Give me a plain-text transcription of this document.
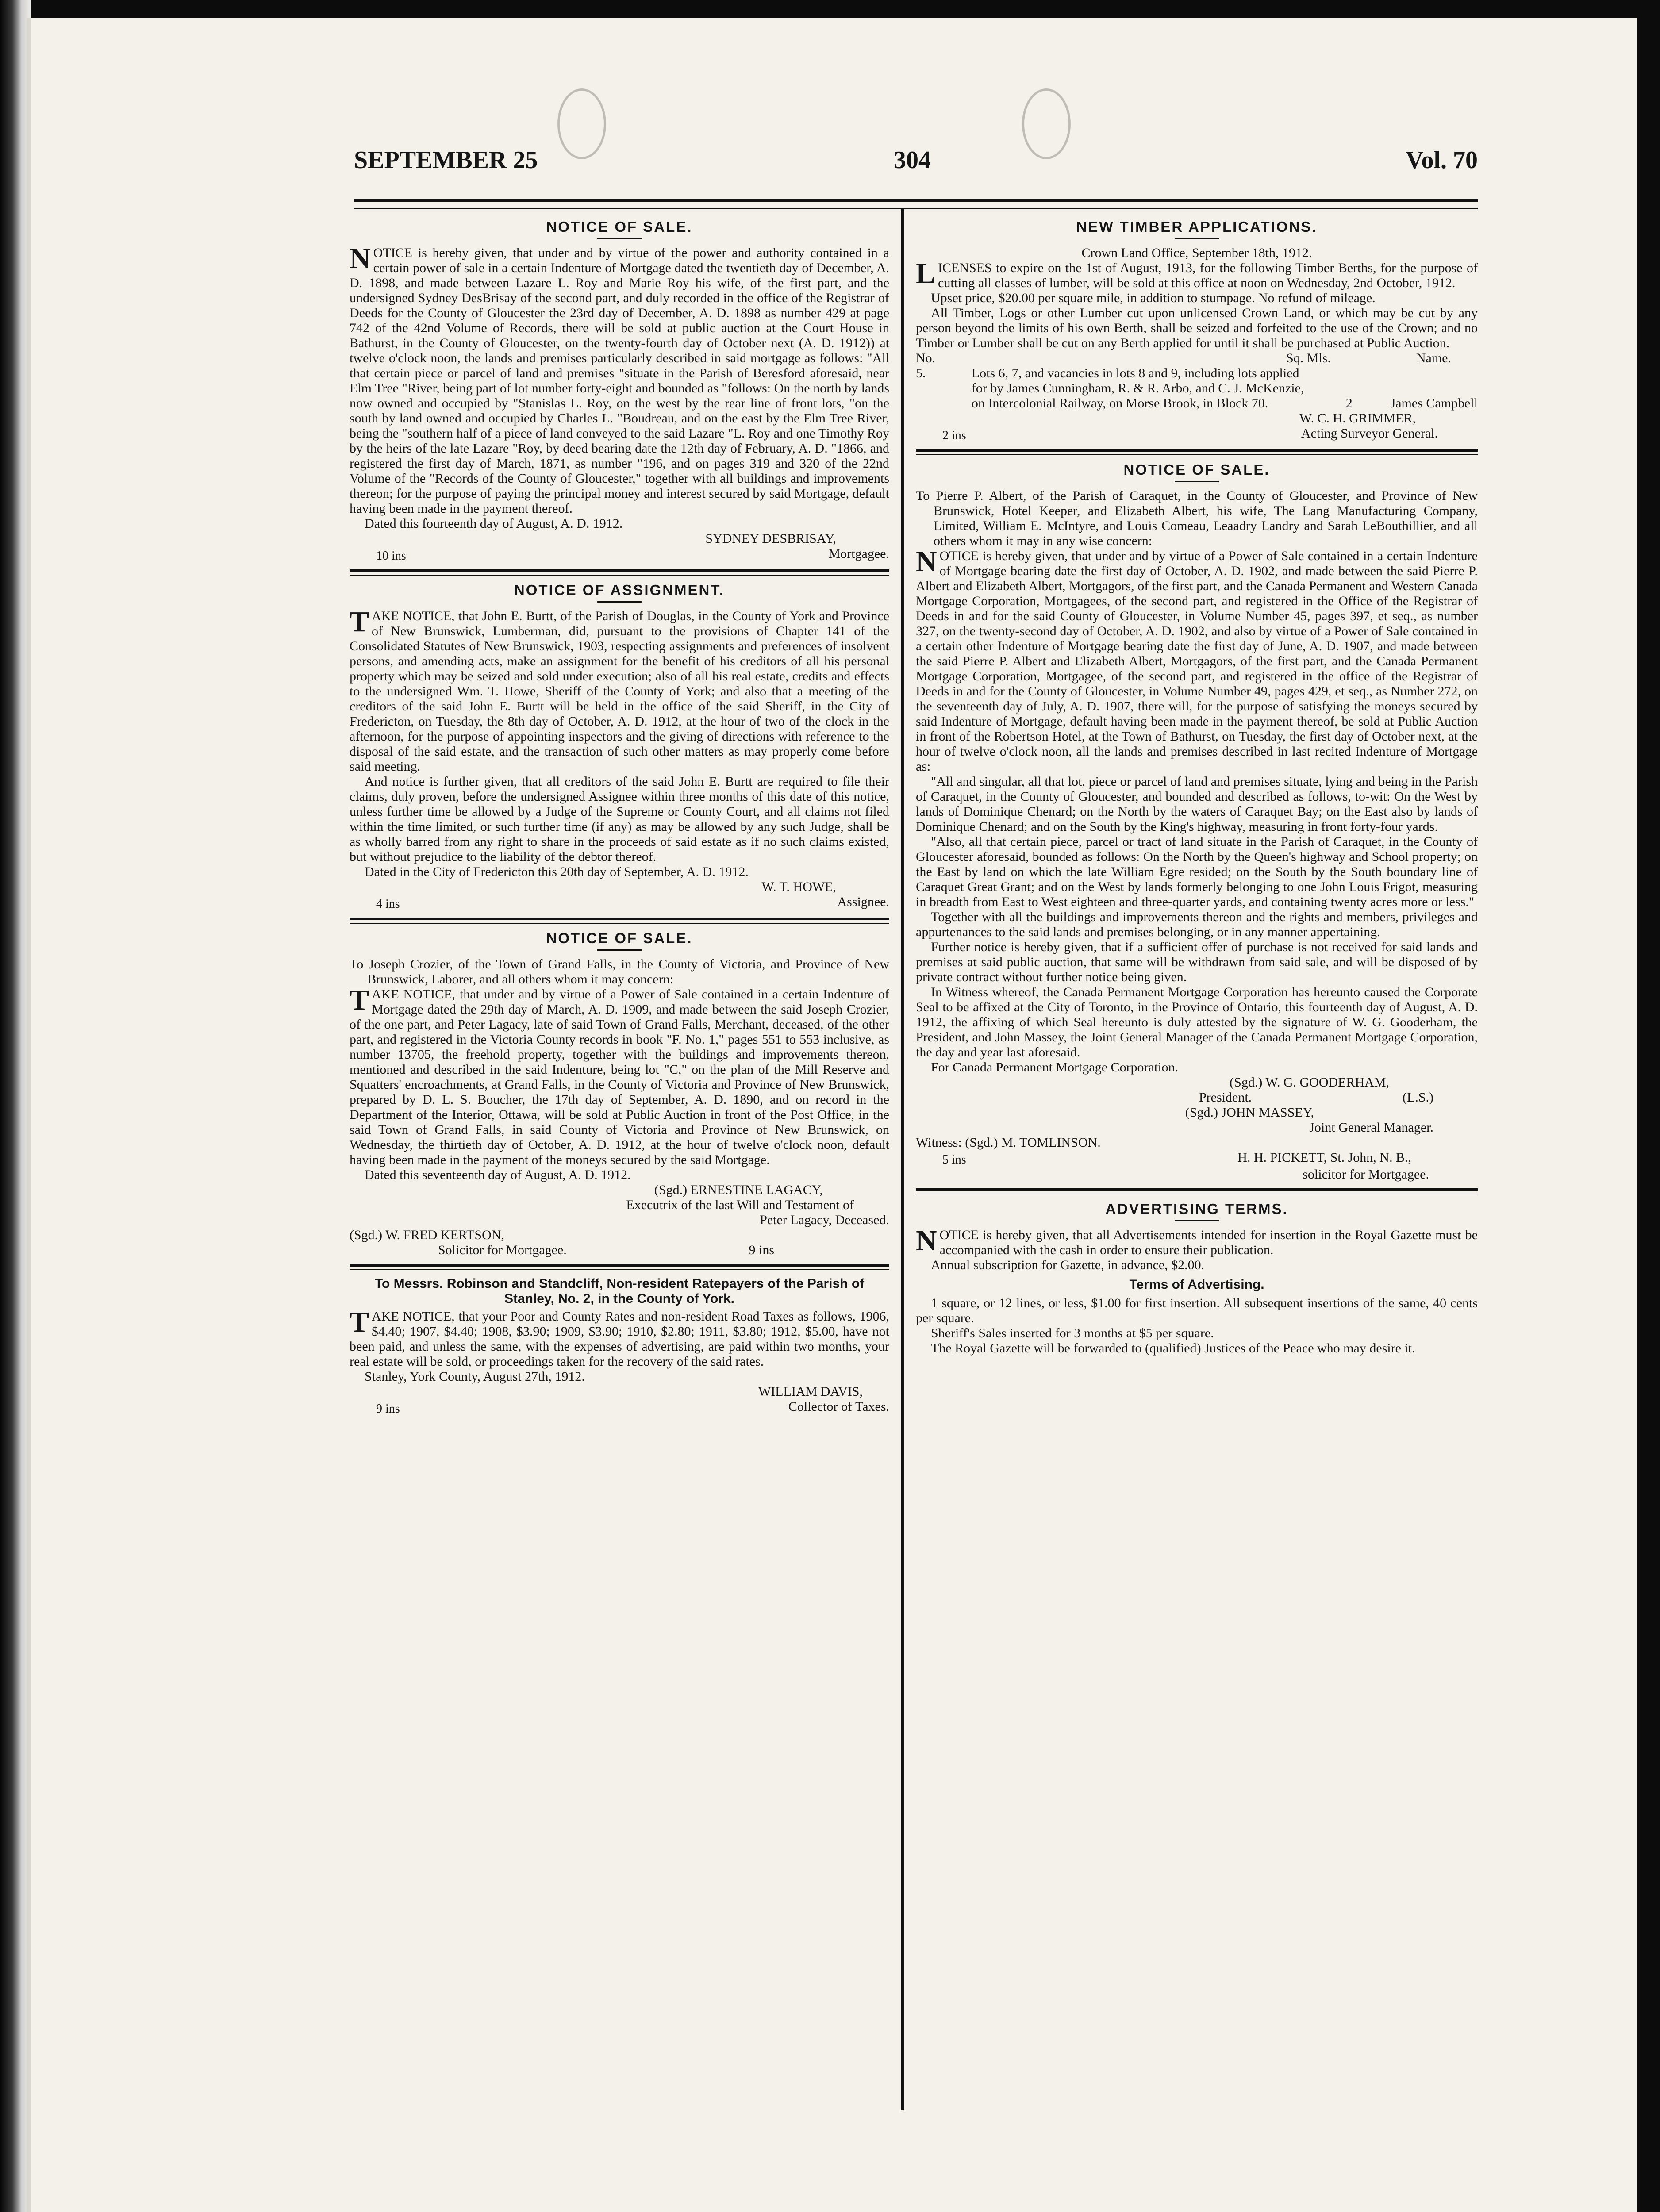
SEPTEMBER 25	304	Vol. 70
NOTICE OF SALE.

NOTICE is hereby given, that under and by virtue of the power and authority contained in a certain power of sale in a certain Indenture of Mortgage dated the twentieth day of December, A. D. 1898, and made between Lazare L. Roy and Marie Roy his wife, of the first part, and the undersigned Sydney DesBrisay of the second part, and duly recorded in the office of the Registrar of Deeds for the County of Gloucester the 23rd day of December, A. D. 1898 as number 429 at page 742 of the 42nd Volume of Records, there will be sold at public auction at the Court House in Bathurst, in the County of Gloucester, on the twenty-fourth day of October next (A. D. 1912)) at twelve o'clock noon, the lands and premises particularly described in said mortgage as follows: "All that certain piece or parcel of land and premises "situate in the Parish of Beresford aforesaid, near Elm Tree "River, being part of lot number forty-eight and bounded as "follows: On the north by lands now owned and occupied by "Stanislas L. Roy, on the west by the rear line of front lots, "on the south by land owned and occupied by Charles L. "Boudreau, and on the east by the Elm Tree River, being the "southern half of a piece of land conveyed to the said Lazare "L. Roy and one Timothy Roy by the heirs of the late Lazare "Roy, by deed bearing date the 12th day of February, A. D. "1866, and registered the first day of March, 1871, as number "196, and on pages 319 and 320 of the 22nd Volume of the "Records of the County of Gloucester," together with all buildings and improvements thereon; for the purpose of paying the principal money and interest secured by said Mortgage, default having been made in the payment thereof.

Dated this fourteenth day of August, A. D. 1912.

SYDNEY DESBRISAY,
10 ins	Mortgagee.
NOTICE OF ASSIGNMENT.

TAKE NOTICE, that John E. Burtt, of the Parish of Douglas, in the County of York and Province of New Brunswick, Lumberman, did, pursuant to the provisions of Chapter 141 of the Consolidated Statutes of New Brunswick, 1903, respecting assignments and preferences of insolvent persons, and amending acts, make an assignment for the benefit of his creditors of all his personal property which may be seized and sold under execution; also of all his real estate, credits and effects to the undersigned Wm. T. Howe, Sheriff of the County of York; and also that a meeting of the creditors of the said John E. Burtt will be held in the office of the said Sheriff, in the City of Fredericton, on Tuesday, the 8th day of October, A. D. 1912, at the hour of two of the clock in the afternoon, for the purpose of appointing inspectors and the giving of directions with reference to the disposal of the said estate, and the transaction of such other matters as may properly come before said meeting.

And notice is further given, that all creditors of the said John E. Burtt are required to file their claims, duly proven, before the undersigned Assignee within three months of this date of this notice, unless further time be allowed by a Judge of the Supreme or County Court, and all claims not filed within the time limited, or such further time (if any) as may be allowed by any such Judge, shall be as wholly barred from any right to share in the proceeds of said estate as if no such claims existed, but without prejudice to the liability of the debtor thereof.

Dated in the City of Fredericton this 20th day of September, A. D. 1912.

W. T. HOWE,
4 ins	Assignee.
NOTICE OF SALE.

To Joseph Crozier, of the Town of Grand Falls, in the County of Victoria, and Province of New Brunswick, Laborer, and all others whom it may concern:

TAKE NOTICE, that under and by virtue of a Power of Sale contained in a certain Indenture of Mortgage dated the 29th day of March, A. D. 1909, and made between the said Joseph Crozier, of the one part, and Peter Lagacy, late of said Town of Grand Falls, Merchant, deceased, of the other part, and registered in the Victoria County records in book "F. No. 1," pages 551 to 553 inclusive, as number 13705, the freehold property, together with the buildings and improvements thereon, mentioned and described in the said Indenture, being lot "C," on the plan of the Mill Reserve and Squatters' encroachments, at Grand Falls, in the County of Victoria and Province of New Brunswick, prepared by D. L. S. Boucher, the 17th day of September, A. D. 1890, and on record in the Department of the Interior, Ottawa, will be sold at Public Auction in front of the Post Office, in the said Town of Grand Falls, in said County of Victoria and Province of New Brunswick, on Wednesday, the thirtieth day of October, A. D. 1912, at the hour of twelve o'clock noon, default having been made in the payment of the moneys secured by the said Mortgage.

Dated this seventeenth day of August, A. D. 1912.

(Sgd.) ERNESTINE LAGACY,
Executrix of the last Will and Testament of
Peter Lagacy, Deceased.
(Sgd.) W. FRED KERTSON,
Solicitor for Mortgagee.	9 ins
To Messrs. Robinson and Standcliff, Non-resident Ratepayers of the Parish of Stanley, No. 2, in the County of York.

TAKE NOTICE, that your Poor and County Rates and non-resident Road Taxes as follows, 1906, $4.40; 1907, $4.40; 1908, $3.90; 1909, $3.90; 1910, $2.80; 1911, $3.80; 1912, $5.00, have not been paid, and unless the same, with the expenses of advertising, are paid within two months, your real estate will be sold, or proceedings taken for the recovery of the said rates.

Stanley, York County, August 27th, 1912.

WILLIAM DAVIS,
9 ins	Collector of Taxes.
NEW TIMBER APPLICATIONS.
Crown Land Office, September 18th, 1912.

LICENSES to expire on the 1st of August, 1913, for the following Timber Berths, for the purpose of cutting all classes of lumber, will be sold at this office at noon on Wednesday, 2nd October, 1912.

Upset price, $20.00 per square mile, in addition to stumpage. No refund of mileage.

All Timber, Logs or other Lumber cut upon unlicensed Crown Land, or which may be cut by any person beyond the limits of his own Berth, shall be seized and forfeited to the use of the Crown; and no Timber or Lumber shall be cut on any Berth applied for until it shall be purchased at Public Auction.

No.	Sq. Mls.	Name.
5.	Lots 6, 7, and vacancies in lots 8 and 9, including lots applied for by James Cunningham, R. & R. Arbo, and C. J. McKenzie, on Intercolonial Railway, on Morse Brook, in Block 70.	2	James Campbell
W. C. H. GRIMMER,
2 ins	Acting Surveyor General.
NOTICE OF SALE.

To Pierre P. Albert, of the Parish of Caraquet, in the County of Gloucester, and Province of New Brunswick, Hotel Keeper, and Elizabeth Albert, his wife, The Lang Manufacturing Company, Limited, William E. McIntyre, and Louis Comeau, Leaadry Landry and Sarah LeBouthillier, and all others whom it may in any wise concern:

NOTICE is hereby given, that under and by virtue of a Power of Sale contained in a certain Indenture of Mortgage bearing date the first day of October, A. D. 1902, and made between the said Pierre P. Albert and Elizabeth Albert, Mortgagors, of the first part, and the Canada Permanent and Western Canada Mortgage Corporation, Mortgagees, of the second part, and registered in the Office of the Registrar of Deeds in and for the said County of Gloucester, in Volume Number 45, pages 397, et seq., as number 327, on the twenty-second day of October, A. D. 1902, and also by virtue of a Power of Sale contained in a certain other Indenture of Mortgage bearing date the first day of June, A. D. 1907, and made between the said Pierre P. Albert and Elizabeth Albert, Mortgagors, of the first part, and the Canada Permanent Mortgage Corporation, Mortgagee, of the second part, and registered in the office of the Registrar of Deeds in and for the County of Gloucester, in Volume Number 49, pages 429, et seq., as Number 272, on the seventeenth day of July, A. D. 1907, there will, for the purpose of satisfying the moneys secured by said Indenture of Mortgage, default having been made in the payment thereof, be sold at Public Auction in front of the Robertson Hotel, at the Town of Bathurst, on Tuesday, the first day of October next, at the hour of twelve o'clock noon, all the lands and premises described in last recited Indenture of Mortgage as:

"All and singular, all that lot, piece or parcel of land and premises situate, lying and being in the Parish of Caraquet, in the County of Gloucester, and bounded and described as follows, to-wit: On the West by lands of Dominique Chenard; on the North by the waters of Caraquet Bay; on the East also by lands of Dominique Chenard; and on the South by the King's highway, measuring in front forty-four yards.

"Also, all that certain piece, parcel or tract of land situate in the Parish of Caraquet, in the County of Gloucester aforesaid, bounded as follows: On the North by the Queen's highway and School property; on the East by land on which the late William Egre resided; on the South by the South boundary line of Caraquet Great Grant; and on the West by lands formerly belonging to one John Louis Frigot, measuring in breadth from East to West eighteen and three-quarter yards, and containing twenty acres more or less."

Together with all the buildings and improvements thereon and the rights and members, privileges and appurtenances to the said lands and premises belonging, or in any manner appertaining.

Further notice is hereby given, that if a sufficient offer of purchase is not received for said lands and premises at said public auction, that same will be withdrawn from said sale, and will be disposed of by private contract without further notice being given.

In Witness whereof, the Canada Permanent Mortgage Corporation has hereunto caused the Corporate Seal to be affixed at the City of Toronto, in the Province of Ontario, this fourteenth day of August, A. D. 1912, the affixing of which Seal hereunto is duly attested by the signature of W. G. Gooderham, the President, and John Massey, the Joint General Manager of the Canada Permanent Mortgage Corporation, the day and year last aforesaid.

For Canada Permanent Mortgage Corporation.

(Sgd.) W. G. GOODERHAM,
President.	(L.S.)
(Sgd.) JOHN MASSEY,
Joint General Manager.

Witness: (Sgd.) M. TOMLINSON.

5 ins	H. H. PICKETT, St. John, N. B.,
solicitor for Mortgagee.
ADVERTISING TERMS.

NOTICE is hereby given, that all Advertisements intended for insertion in the Royal Gazette must be accompanied with the cash in order to ensure their publication.

Annual subscription for Gazette, in advance, $2.00.

Terms of Advertising.

1 square, or 12 lines, or less, $1.00 for first insertion. All subsequent insertions of the same, 40 cents per square.

Sheriff's Sales inserted for 3 months at $5 per square.

The Royal Gazette will be forwarded to (qualified) Justices of the Peace who may desire it.
